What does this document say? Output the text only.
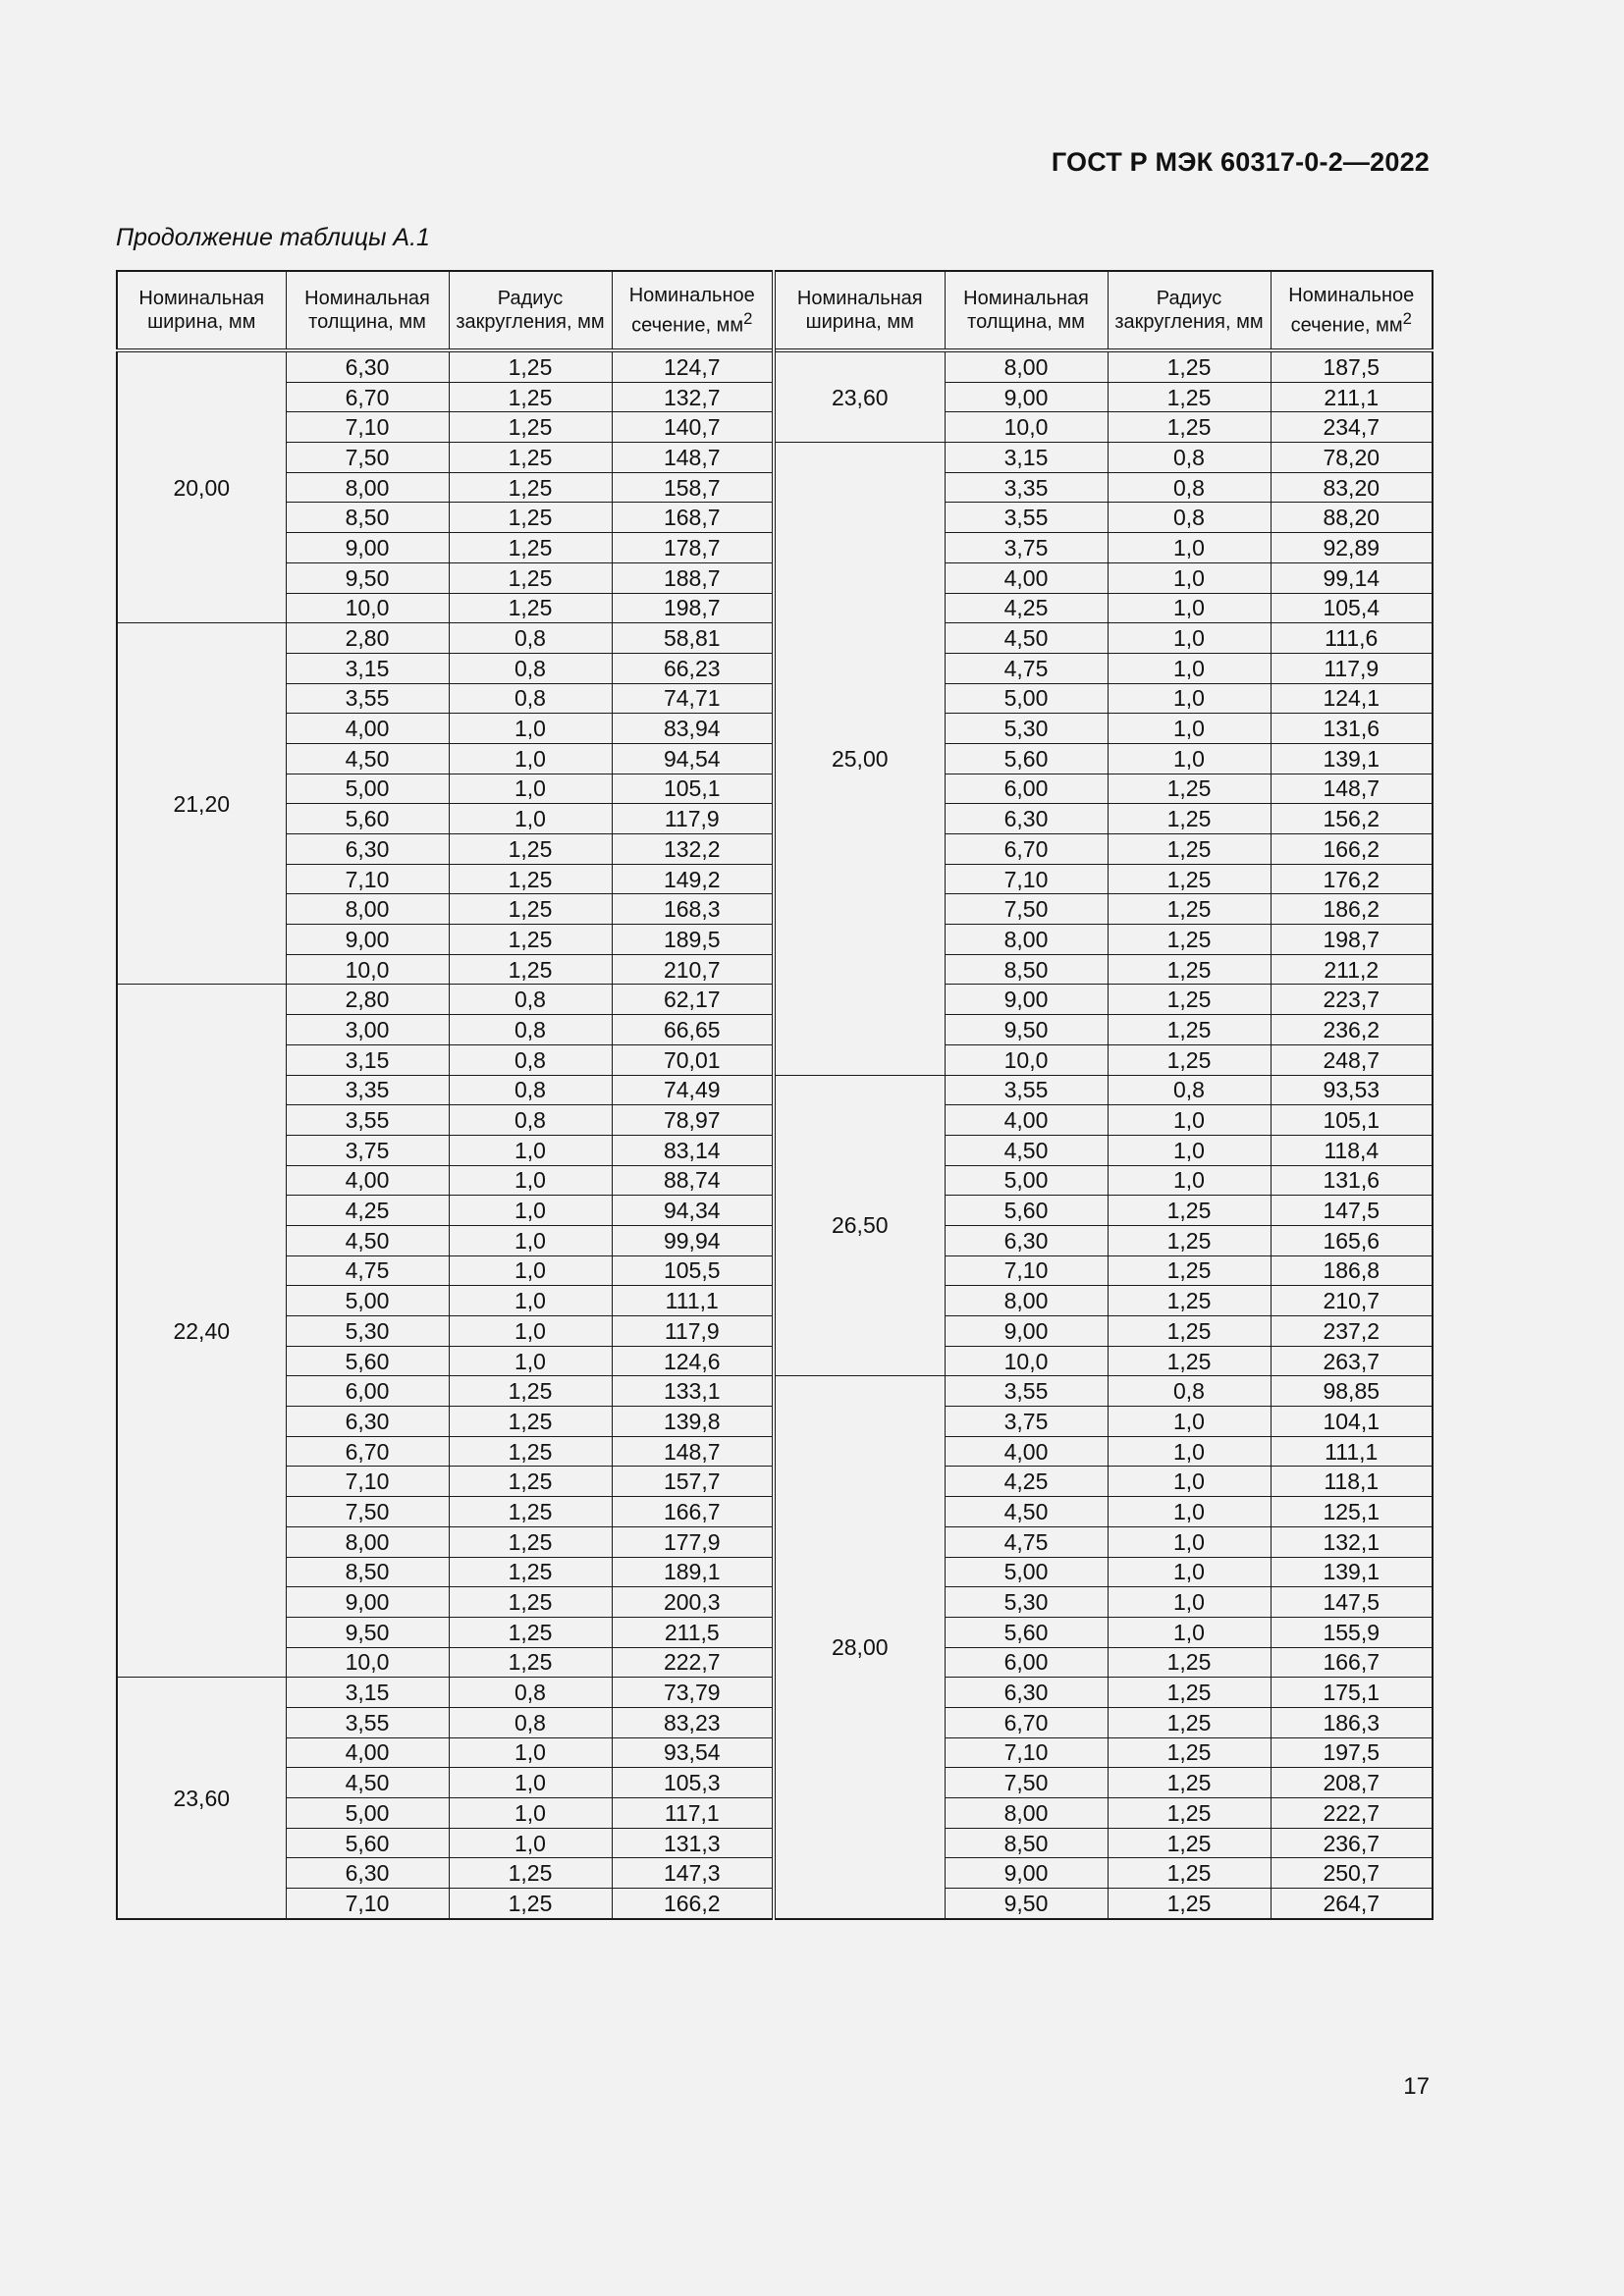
ГОСТ Р МЭК 60317-0-2—2022
Продолжение таблицы А.1
Номинальная ширина, мм	Номинальная толщина, мм	Радиус закругления, мм	Номинальное сечение, $мм^2$	Номинальная ширина, мм	Номинальная толщина, мм	Радиус закругления, мм	Номинальное сечение, $мм^2$
20,00	6,30	1,25	124,7	23,60	8,00	1,25	187,5
	6,70	1,25	132,7		9,00	1,25	211,1
	7,10	1,25	140,7		10,0	1,25	234,7
	7,50	1,25	148,7	25,00	3,15	0,8	78,20
	8,00	1,25	158,7		3,35	0,8	83,20
	8,50	1,25	168,7		3,55	0,8	88,20
	9,00	1,25	178,7		3,75	1,0	92,89
	9,50	1,25	188,7		4,00	1,0	99,14
	10,0	1,25	198,7		4,25	1,0	105,4
21,20	2,80	0,8	58,81		4,50	1,0	111,6
	3,15	0,8	66,23		4,75	1,0	117,9
	3,55	0,8	74,71		5,00	1,0	124,1
	4,00	1,0	83,94		5,30	1,0	131,6
	4,50	1,0	94,54		5,60	1,0	139,1
	5,00	1,0	105,1		6,00	1,25	148,7
	5,60	1,0	117,9		6,30	1,25	156,2
	6,30	1,25	132,2		6,70	1,25	166,2
	7,10	1,25	149,2		7,10	1,25	176,2
	8,00	1,25	168,3		7,50	1,25	186,2
	9,00	1,25	189,5		8,00	1,25	198,7
	10,0	1,25	210,7		8,50	1,25	211,2
22,40	2,80	0,8	62,17		9,00	1,25	223,7
	3,00	0,8	66,65		9,50	1,25	236,2
	3,15	0,8	70,01		10,0	1,25	248,7
	3,35	0,8	74,49	26,50	3,55	0,8	93,53
	3,55	0,8	78,97		4,00	1,0	105,1
	3,75	1,0	83,14		4,50	1,0	118,4
	4,00	1,0	88,74		5,00	1,0	131,6
	4,25	1,0	94,34		5,60	1,25	147,5
	4,50	1,0	99,94		6,30	1,25	165,6
	4,75	1,0	105,5		7,10	1,25	186,8
	5,00	1,0	111,1		8,00	1,25	210,7
	5,30	1,0	117,9		9,00	1,25	237,2
	5,60	1,0	124,6		10,0	1,25	263,7
	6,00	1,25	133,1	28,00	3,55	0,8	98,85
	6,30	1,25	139,8		3,75	1,0	104,1
	6,70	1,25	148,7		4,00	1,0	111,1
	7,10	1,25	157,7		4,25	1,0	118,1
	7,50	1,25	166,7		4,50	1,0	125,1
	8,00	1,25	177,9		4,75	1,0	132,1
	8,50	1,25	189,1		5,00	1,0	139,1
	9,00	1,25	200,3		5,30	1,0	147,5
	9,50	1,25	211,5		5,60	1,0	155,9
	10,0	1,25	222,7		6,00	1,25	166,7
23,60	3,15	0,8	73,79		6,30	1,25	175,1
	3,55	0,8	83,23		6,70	1,25	186,3
	4,00	1,0	93,54		7,10	1,25	197,5
	4,50	1,0	105,3		7,50	1,25	208,7
	5,00	1,0	117,1		8,00	1,25	222,7
	5,60	1,0	131,3		8,50	1,25	236,7
	6,30	1,25	147,3		9,00	1,25	250,7
	7,10	1,25	166,2		9,50	1,25	264,7
17
